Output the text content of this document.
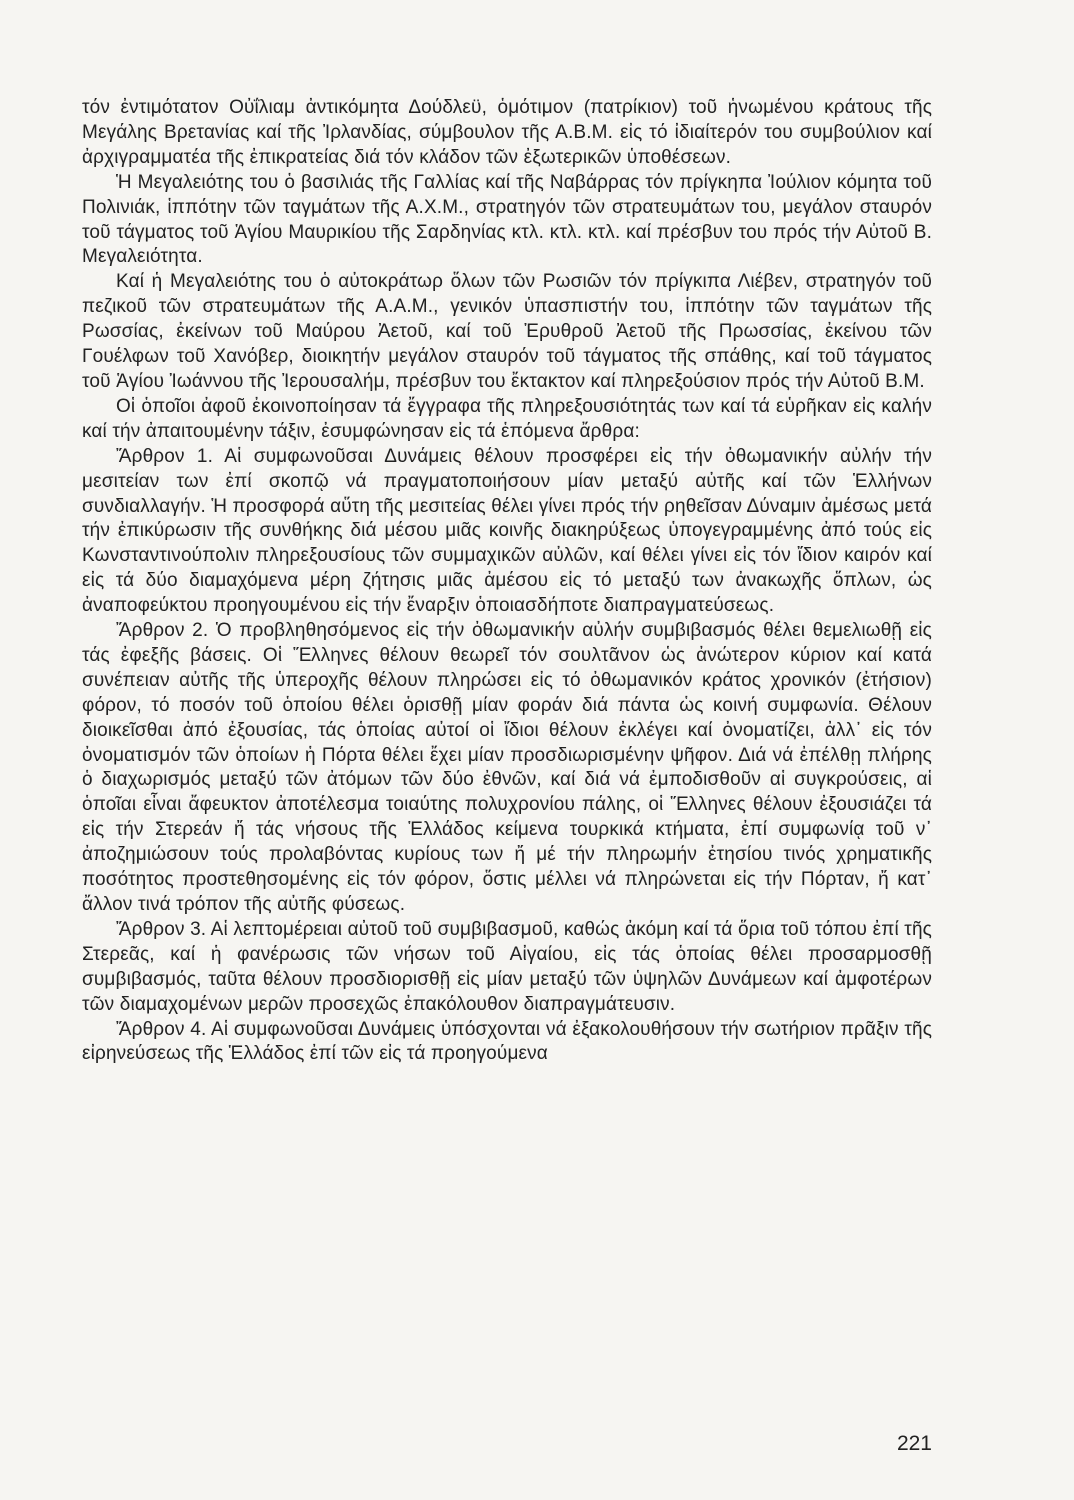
τόν ἐντιμότατον Οὐΐλιαμ ἀντικόμητα Δούδλεϋ, ὁμότιμον (πατρίκιον) τοῦ ἡνωμένου κράτους τῆς Μεγάλης Βρετανίας καί τῆς Ἰρλανδίας, σύμβουλον τῆς Α.Β.Μ. εἰς τό ἰδιαίτερόν του συμβούλιον καί ἀρχιγραμματέα τῆς ἐπικρατείας διά τόν κλάδον τῶν ἐξωτερικῶν ὑποθέσεων.

Ἡ Μεγαλειότης του ὁ βασιλιάς τῆς Γαλλίας καί τῆς Ναβάρρας τόν πρίγκηπα Ἰούλιον κόμητα τοῦ Πολινιάκ, ἱππότην τῶν ταγμάτων τῆς Α.Χ.Μ., στρατηγόν τῶν στρατευμάτων του, μεγάλον σταυρόν τοῦ τάγματος τοῦ Ἁγίου Μαυρικίου τῆς Σαρδηνίας κτλ. κτλ. κτλ. καί πρέσβυν του πρός τήν Αὐτοῦ Β. Μεγαλειότητα.

Καί ἡ Μεγαλειότης του ὁ αὐτοκράτωρ ὅλων τῶν Ρωσιῶν τόν πρίγκιπα Λιέβεν, στρατηγόν τοῦ πεζικοῦ τῶν στρατευμάτων τῆς Α.Α.Μ., γενικόν ὑπασπιστήν του, ἱππότην τῶν ταγμάτων τῆς Ρωσσίας, ἐκείνων τοῦ Μαύρου Ἀετοῦ, καί τοῦ Ἐρυθροῦ Ἀετοῦ τῆς Πρωσσίας, ἐκείνου τῶν Γουέλφων τοῦ Χανόβερ, διοικητήν μεγάλον σταυρόν τοῦ τάγματος τῆς σπάθης, καί τοῦ τάγματος τοῦ Ἁγίου Ἰωάννου τῆς Ἰερουσαλήμ, πρέσβυν του ἔκτακτον καί πληρεξούσιον πρός τήν Αὐτοῦ Β.Μ.

Οἱ ὁποῖοι ἀφοῦ ἐκοινοποίησαν τά ἔγγραφα τῆς πληρεξουσιότητάς των καί τά εὑρῆκαν εἰς καλήν καί τήν ἀπαιτουμένην τάξιν, ἐσυμφώνησαν εἰς τά ἑπόμενα ἄρθρα:

Ἄρθρον 1. Αἱ συμφωνοῦσαι Δυνάμεις θέλουν προσφέρει εἰς τήν ὀθωμανικήν αὐλήν τήν μεσιτείαν των ἐπί σκοπῷ νά πραγματοποιήσουν μίαν μεταξύ αὐτῆς καί τῶν Ἑλλήνων συνδιαλλαγήν. Ἡ προσφορά αὕτη τῆς μεσιτείας θέλει γίνει πρός τήν ρηθεῖσαν Δύναμιν ἀμέσως μετά τήν ἐπικύρωσιν τῆς συνθήκης διά μέσου μιᾶς κοινῆς διακηρύξεως ὑπογεγραμμένης ἀπό τούς εἰς Κωνσταντινούπολιν πληρεξουσίους τῶν συμμαχικῶν αὐλῶν, καί θέλει γίνει εἰς τόν ἴδιον καιρόν καί εἰς τά δύο διαμαχόμενα μέρη ζήτησις μιᾶς ἀμέσου εἰς τό μεταξύ των ἀνακωχῆς ὅπλων, ὡς ἀναποφεύκτου προηγουμένου εἰς τήν ἔναρξιν ὁποιασδήποτε διαπραγματεύσεως.

Ἄρθρον 2. Ὁ προβληθησόμενος εἰς τήν ὀθωμανικήν αὐλήν συμβιβασμός θέλει θεμελιωθῇ εἰς τάς ἐφεξῆς βάσεις. Οἱ Ἕλληνες θέλουν θεωρεῖ τόν σουλτᾶνον ὡς ἀνώτερον κύριον καί κατά συνέπειαν αὐτῆς τῆς ὑπεροχῆς θέλουν πληρώσει εἰς τό ὀθωμανικόν κράτος χρονικόν (ἐτήσιον) φόρον, τό ποσόν τοῦ ὁποίου θέλει ὁρισθῇ μίαν φοράν διά πάντα ὡς κοινή συμφωνία. Θέλουν διοικεῖσθαι ἀπό ἐξουσίας, τάς ὁποίας αὐτοί οἱ ἴδιοι θέλουν ἐκλέγει καί ὀνοματίζει, ἀλλ᾿ εἰς τόν ὀνοματισμόν τῶν ὁποίων ἡ Πόρτα θέλει ἔχει μίαν προσδιωρισμένην ψῆφον. Διά νά ἐπέλθῃ πλήρης ὁ διαχωρισμός μεταξύ τῶν ἀτόμων τῶν δύο ἐθνῶν, καί διά νά ἐμποδισθοῦν αἱ συγκρούσεις, αἱ ὁποῖαι εἶναι ἄφευκτον ἀποτέλεσμα τοιαύτης πολυχρονίου πάλης, οἱ Ἕλληνες θέλουν ἐξουσιάζει τά εἰς τήν Στερεάν ἤ τάς νήσους τῆς Ἑλλάδος κείμενα τουρκικά κτήματα, ἐπί συμφωνίᾳ τοῦ ν᾿ ἀποζημιώσουν τούς προλαβόντας κυρίους των ἤ μέ τήν πληρωμήν ἐτησίου τινός χρηματικῆς ποσότητος προστεθησομένης εἰς τόν φόρον, ὅστις μέλλει νά πληρώνεται εἰς τήν Πόρταν, ἤ κατ᾿ ἄλλον τινά τρόπον τῆς αὐτῆς φύσεως.

Ἄρθρον 3. Αἱ λεπτομέρειαι αὐτοῦ τοῦ συμβιβασμοῦ, καθώς ἀκόμη καί τά ὅρια τοῦ τόπου ἐπί τῆς Στερεᾶς, καί ἡ φανέρωσις τῶν νήσων τοῦ Αἰγαίου, εἰς τάς ὁποίας θέλει προσαρμοσθῇ συμβιβασμός, ταῦτα θέλουν προσδιορισθῇ εἰς μίαν μεταξύ τῶν ὑψηλῶν Δυνάμεων καί ἀμφοτέρων τῶν διαμαχομένων μερῶν προσεχῶς ἐπακόλουθον διαπραγμάτευσιν.

Ἄρθρον 4. Αἱ συμφωνοῦσαι Δυνάμεις ὑπόσχονται νά ἐξακολουθήσουν τήν σωτήριον πρᾶξιν τῆς εἰρηνεύσεως τῆς Ἑλλάδος ἐπί τῶν εἰς τά προηγούμενα

221
